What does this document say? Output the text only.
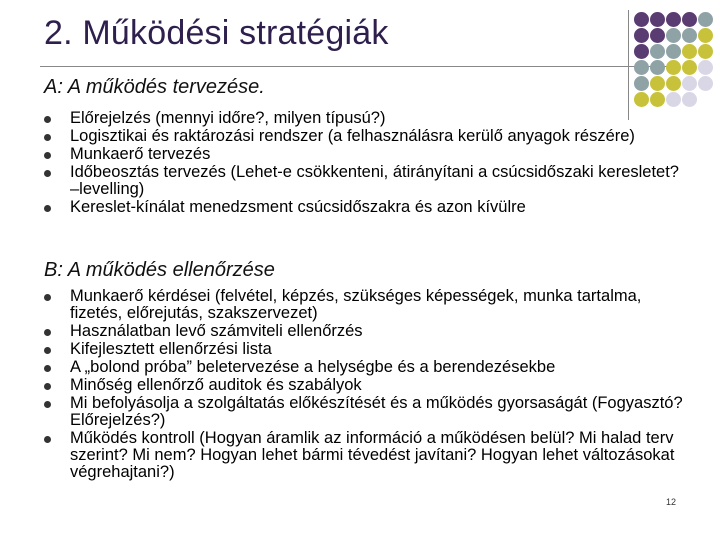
2. Működési stratégiák
A: A működés tervezése.
Előrejelzés (mennyi időre?, milyen típusú?)
Logisztikai és raktározási rendszer (a felhasználásra kerülő anyagok részére)
Munkaerő tervezés
Időbeosztás tervezés (Lehet-e csökkenteni, átirányítani a csúcsidőszaki keresletet? –levelling)
Kereslet-kínálat menedzsment csúcsidőszakra és azon kívülre
B: A működés ellenőrzése
Munkaerő kérdései (felvétel, képzés, szükséges képességek, munka tartalma, fizetés, előrejutás, szakszervezet)
Használatban levő számviteli ellenőrzés
Kifejlesztett ellenőrzési lista
A „bolond próba” beletervezése a helységbe és a berendezésekbe
Minőség ellenőrző auditok és szabályok
Mi befolyásolja a szolgáltatás előkészítését és a működés gyorsaságát (Fogyasztó? Előrejelzés?)
Működés kontroll (Hogyan áramlik az információ a működésen belül? Mi halad terv szerint? Mi nem? Hogyan lehet bármi tévedést javítani? Hogyan lehet változásokat végrehajtani?)
12
